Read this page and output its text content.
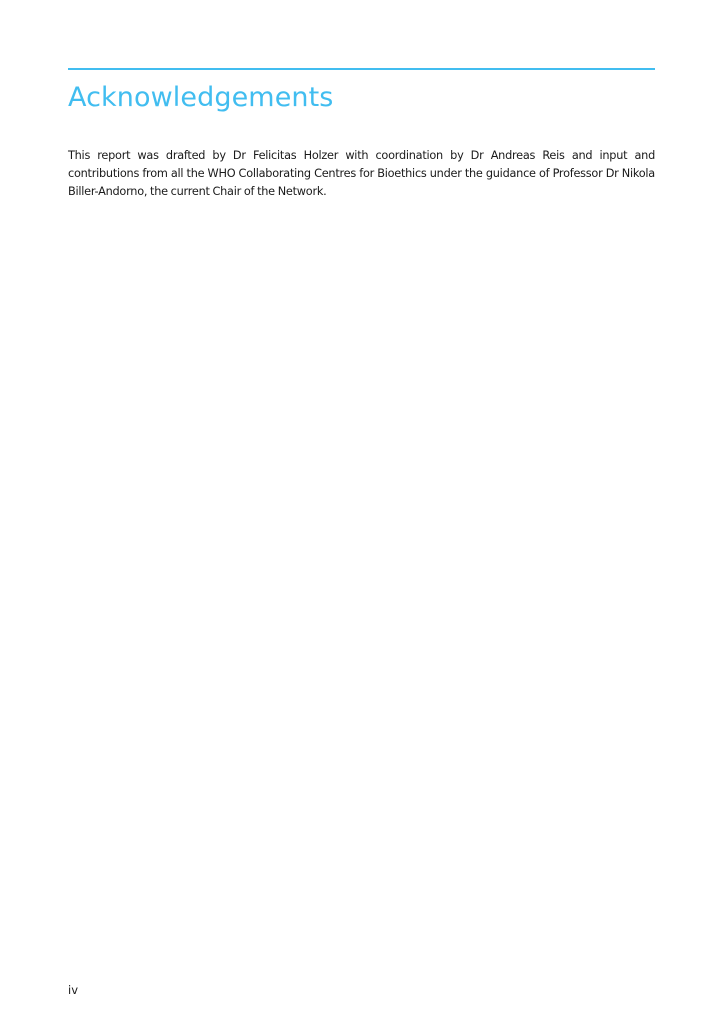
Acknowledgements

This report was drafted by Dr Felicitas Holzer with coordination by Dr Andreas Reis and input and contributions from all the WHO Collaborating Centres for Bioethics under the guidance of Professor Dr Nikola Biller-Andorno, the current Chair of the Network.

iv
